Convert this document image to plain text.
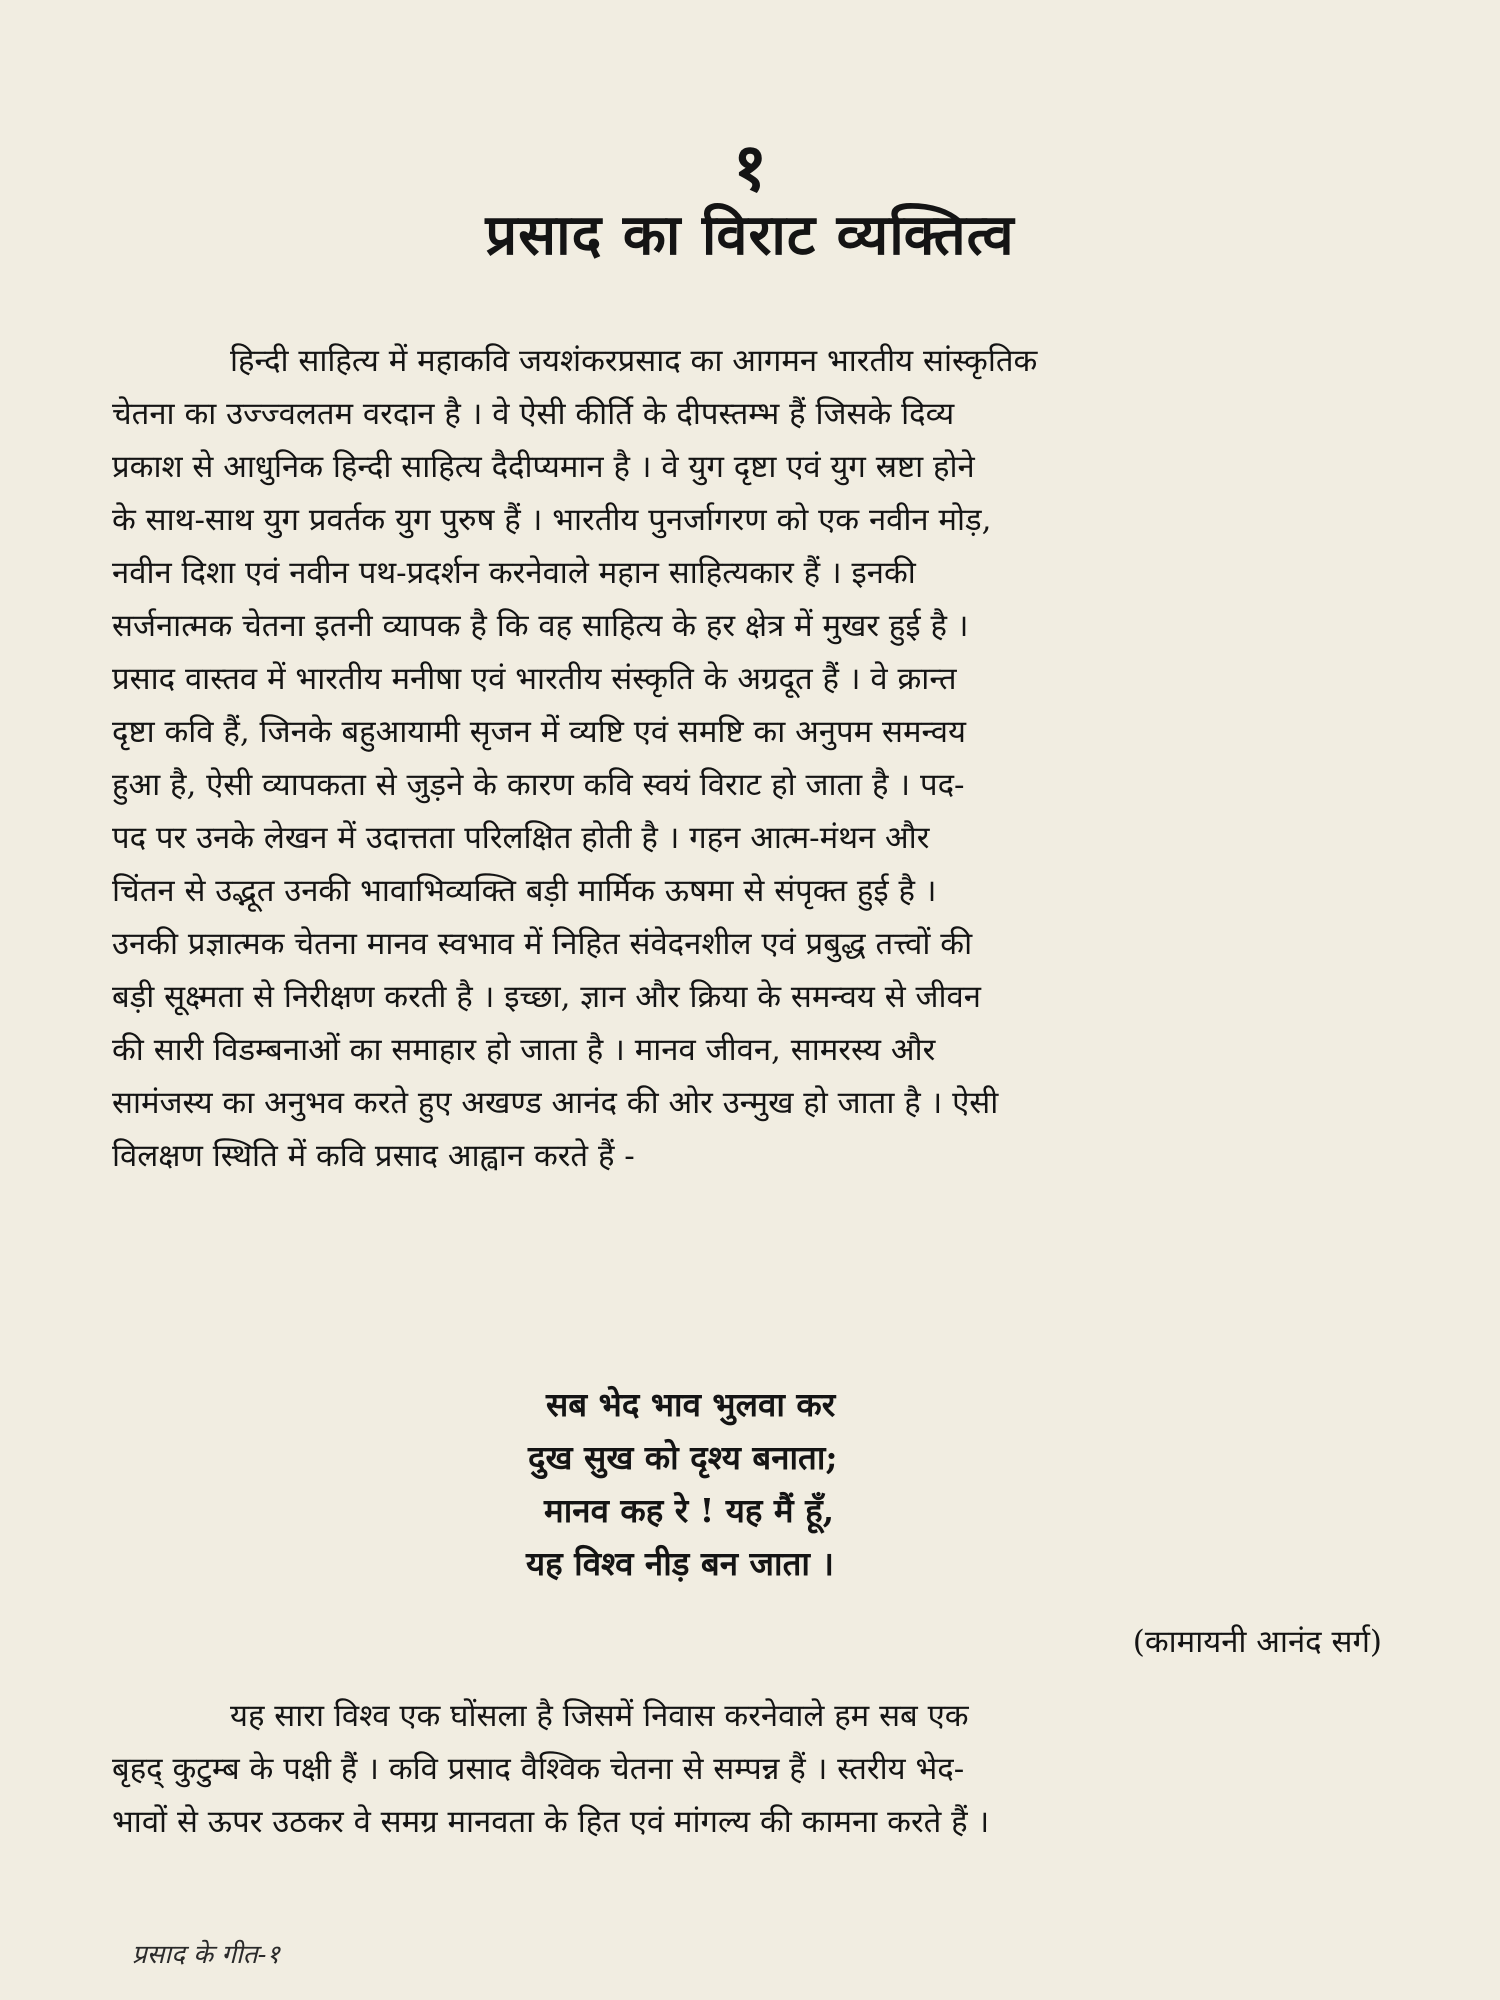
१
प्रसाद का विराट व्यक्तित्व
हिन्दी साहित्य में महाकवि जयशंकरप्रसाद का आगमन भारतीय सांस्कृतिक
चेतना का उज्ज्वलतम वरदान है । वे ऐसी कीर्ति के दीपस्तम्भ हैं जिसके दिव्य
प्रकाश से आधुनिक हिन्दी साहित्य दैदीप्यमान है । वे युग दृष्टा एवं युग स्रष्टा होने
के साथ-साथ युग प्रवर्तक युग पुरुष हैं । भारतीय पुनर्जागरण को एक नवीन मोड़,
नवीन दिशा एवं नवीन पथ-प्रदर्शन करनेवाले महान साहित्यकार हैं । इनकी
सर्जनात्मक चेतना इतनी व्यापक है कि वह साहित्य के हर क्षेत्र में मुखर हुई है ।
प्रसाद वास्तव में भारतीय मनीषा एवं भारतीय संस्कृति के अग्रदूत हैं । वे क्रान्त
दृष्टा कवि हैं, जिनके बहुआयामी सृजन में व्यष्टि एवं समष्टि का अनुपम समन्वय
हुआ है, ऐसी व्यापकता से जुड़ने के कारण कवि स्वयं विराट हो जाता है । पद-
पद पर उनके लेखन में उदात्तता परिलक्षित होती है । गहन आत्म-मंथन और
चिंतन से उद्भूत उनकी भावाभिव्यक्ति बड़ी मार्मिक ऊषमा से संपृक्त हुई है ।
उनकी प्रज्ञात्मक चेतना मानव स्वभाव में निहित संवेदनशील एवं प्रबुद्ध तत्त्वों की
बड़ी सूक्ष्मता से निरीक्षण करती है । इच्छा, ज्ञान और क्रिया के समन्वय से जीवन
की सारी विडम्बनाओं का समाहार हो जाता है । मानव जीवन, सामरस्य और
सामंजस्य का अनुभव करते हुए अखण्ड आनंद की ओर उन्मुख हो जाता है । ऐसी
विलक्षण स्थिति में कवि प्रसाद आह्वान करते हैं -
सब भेद भाव भुलवा कर
दुख सुख को दृश्य बनाता;
मानव कह रे ! यह मैं हूँ,
यह विश्व नीड़ बन जाता ।
(कामायनी आनंद सर्ग)
यह सारा विश्व एक घोंसला है जिसमें निवास करनेवाले हम सब एक
बृहद् कुटुम्ब के पक्षी हैं । कवि प्रसाद वैश्विक चेतना से सम्पन्न हैं । स्तरीय भेद-
भावों से ऊपर उठकर वे समग्र मानवता के हित एवं मांगल्य की कामना करते हैं ।
प्रसाद के गीत-१
